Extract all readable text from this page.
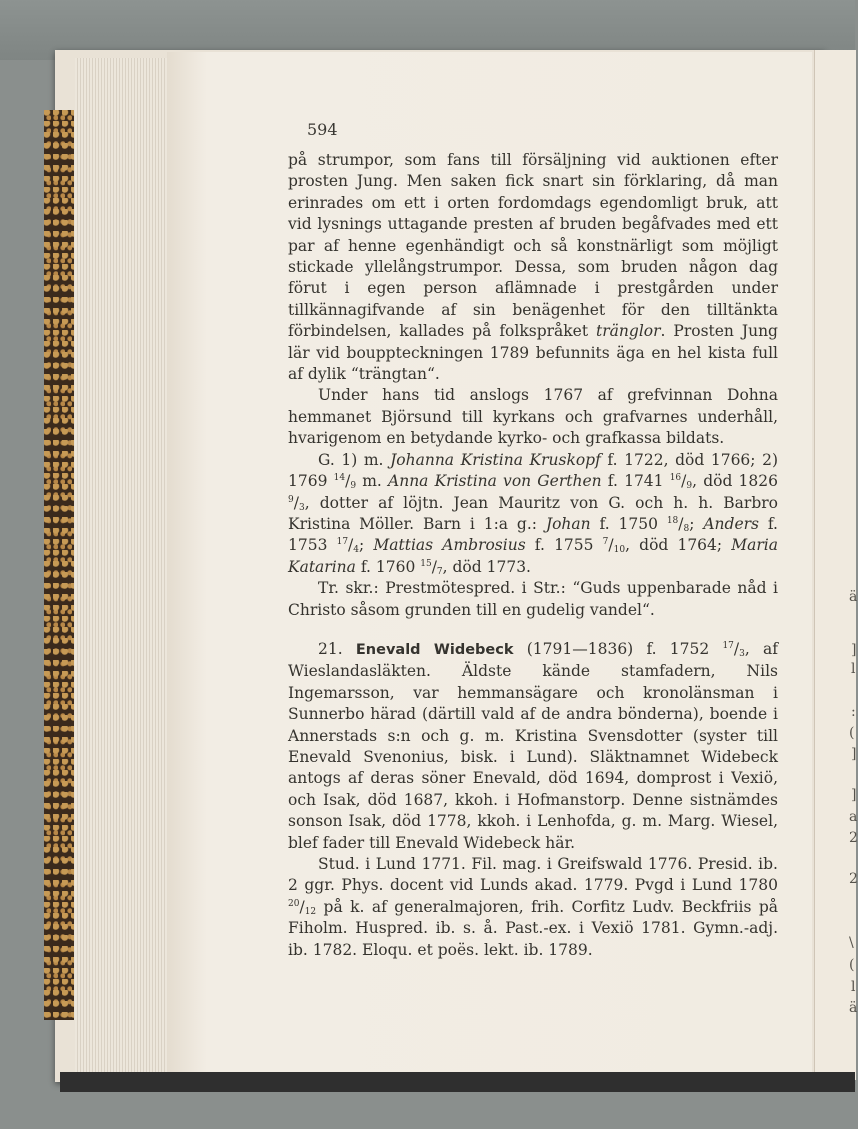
ä
]
l
:
(
]
]
a
2
2
\
(
l
ä
594

på strumpor, som fans till försäljning vid auktionen efter prosten Jung. Men saken fick snart sin förklaring, då man erinrades om ett i orten fordomdags egendomligt bruk, att vid lysnings uttagande presten af bruden begåfvades med ett par af henne egenhändigt och så konstnärligt som möjligt stickade yllelångstrumpor. Dessa, som bruden någon dag förut i egen person aflämnade i prestgården under tillkännagifvande af sin benägenhet för den tilltänkta förbindelsen, kallades på folkspråket tränglor. Prosten Jung lär vid bouppteckningen 1789 befunnits äga en hel kista full af dylik “trängtan“.

Under hans tid anslogs 1767 af grefvinnan Dohna hemmanet Björsund till kyrkans och grafvarnes underhåll, hvarigenom en betydande kyrko- och grafkassa bildats.

G. 1) m. Johanna Kristina Kruskopf f. 1722, död 1766; 2) 1769 $^{14}/_9$ m. Anna Kristina von Gerthen f. 1741 $^{16}/_9$, död 1826 $^9/_3$, dotter af löjtn. Jean Mauritz von G. och h. h. Barbro Kristina Möller. Barn i 1:a g.: Johan f. 1750 $^{18}/_8$; Anders f. 1753 $^{17}/_4$; Mattias Ambrosius f. 1755 $^7/_{10}$, död 1764; Maria Katarina f. 1760 $^{15}/_7$, död 1773.

Tr. skr.: Prestmötespred. i Str.: “Guds uppenbarade nåd i Christo såsom grunden till en gudelig vandel“.

21. Enevald Widebeck (1791—1836) f. 1752 $^{17}/_3$, af Wieslandasläkten. Äldste kände stamfadern, Nils Ingemarsson, var hemmansägare och kronolänsman i Sunnerbo härad (därtill vald af de andra bönderna), boende i Annerstads s:n och g. m. Kristina Svensdotter (syster till Enevald Svenonius, bisk. i Lund). Släktnamnet Widebeck antogs af deras söner Enevald, död 1694, domprost i Vexiö, och Isak, död 1687, kkoh. i Hofmanstorp. Denne sistnämdes sonson Isak, död 1778, kkoh. i Lenhofda, g. m. Marg. Wiesel, blef fader till Enevald Widebeck här.

Stud. i Lund 1771. Fil. mag. i Greifswald 1776. Presid. ib. 2 ggr. Phys. docent vid Lunds akad. 1779. Pvgd i Lund 1780 $^{20}/_{12}$ på k. af generalmajoren, frih. Corfitz Ludv. Beckfriis på Fiholm. Huspred. ib. s. å. Past.-ex. i Vexiö 1781. Gymn.-adj. ib. 1782. Eloqu. et poës. lekt. ib. 1789.
